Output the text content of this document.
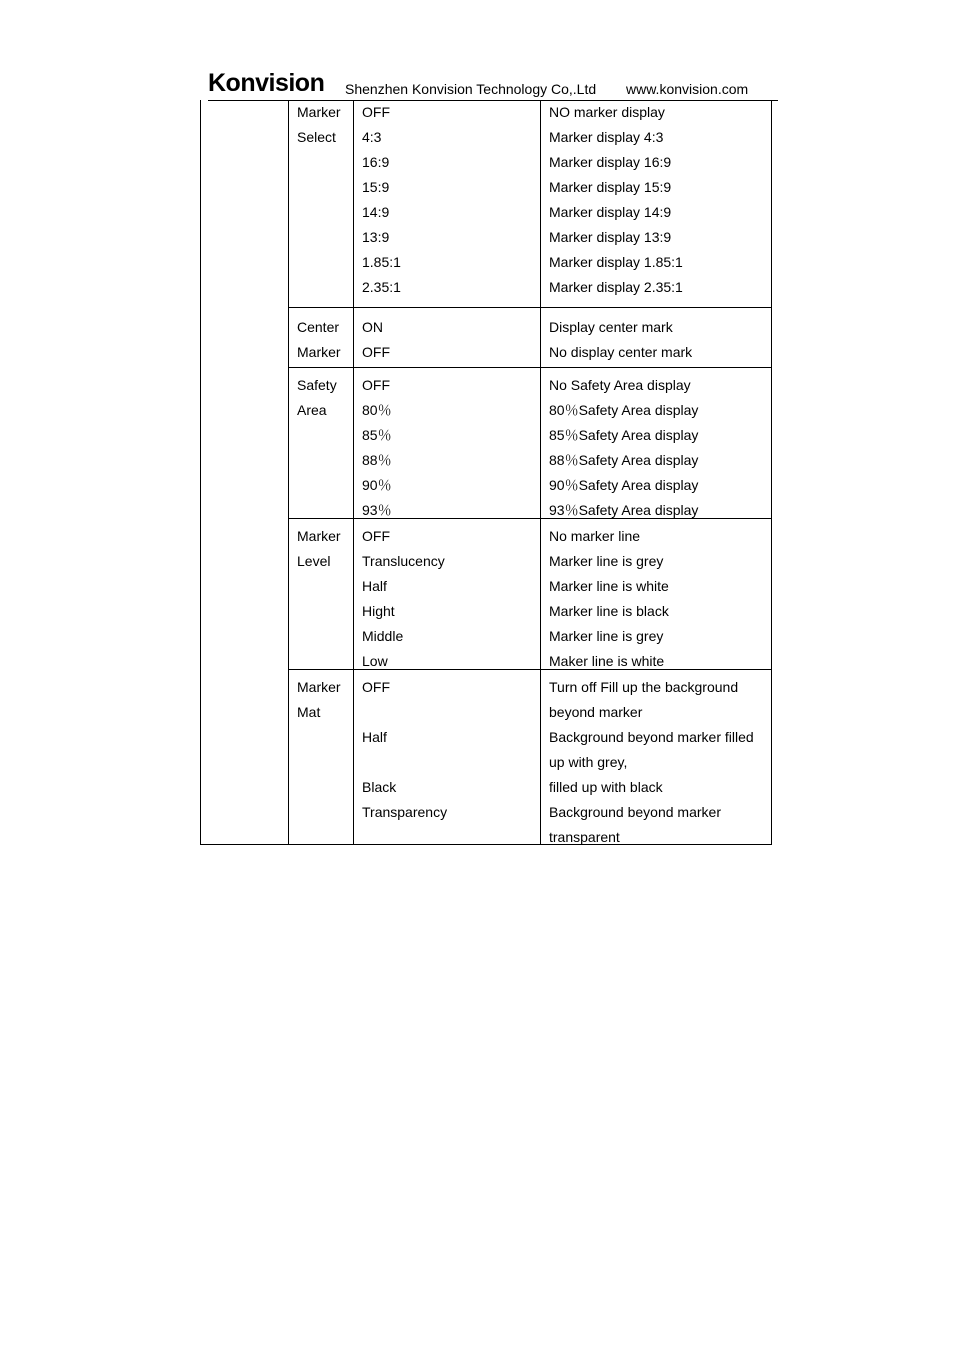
Konvision Shenzhen Konvision Technology Co,.Ltd www.konvision.com
Marker
Select
OFF
4:3
16:9
15:9
14:9
13:9
1.85:1
2.35:1
NO marker display
Marker display 4:3
Marker display 16:9
Marker display 15:9
Marker display 14:9
Marker display 13:9
Marker display 1.85:1
Marker display 2.35:1
Center
Marker
ON
OFF
Display center mark
No display center mark
Safety
Area
OFF
80％
85％
88％
90％
93％
No Safety Area display
80％Safety Area display
85％Safety Area display
88％Safety Area display
90％Safety Area display
93％Safety Area display
Marker
Level
OFF
Translucency
Half
Hight
Middle
Low
No marker line
Marker line is grey
Marker line is white
Marker line is black
Marker line is grey
Maker line is white
Marker
Mat
OFF
Half
Black
Transparency
Turn off Fill up the background
beyond marker
Background beyond marker filled
up with grey,
filled up with black
Background beyond marker
transparent
